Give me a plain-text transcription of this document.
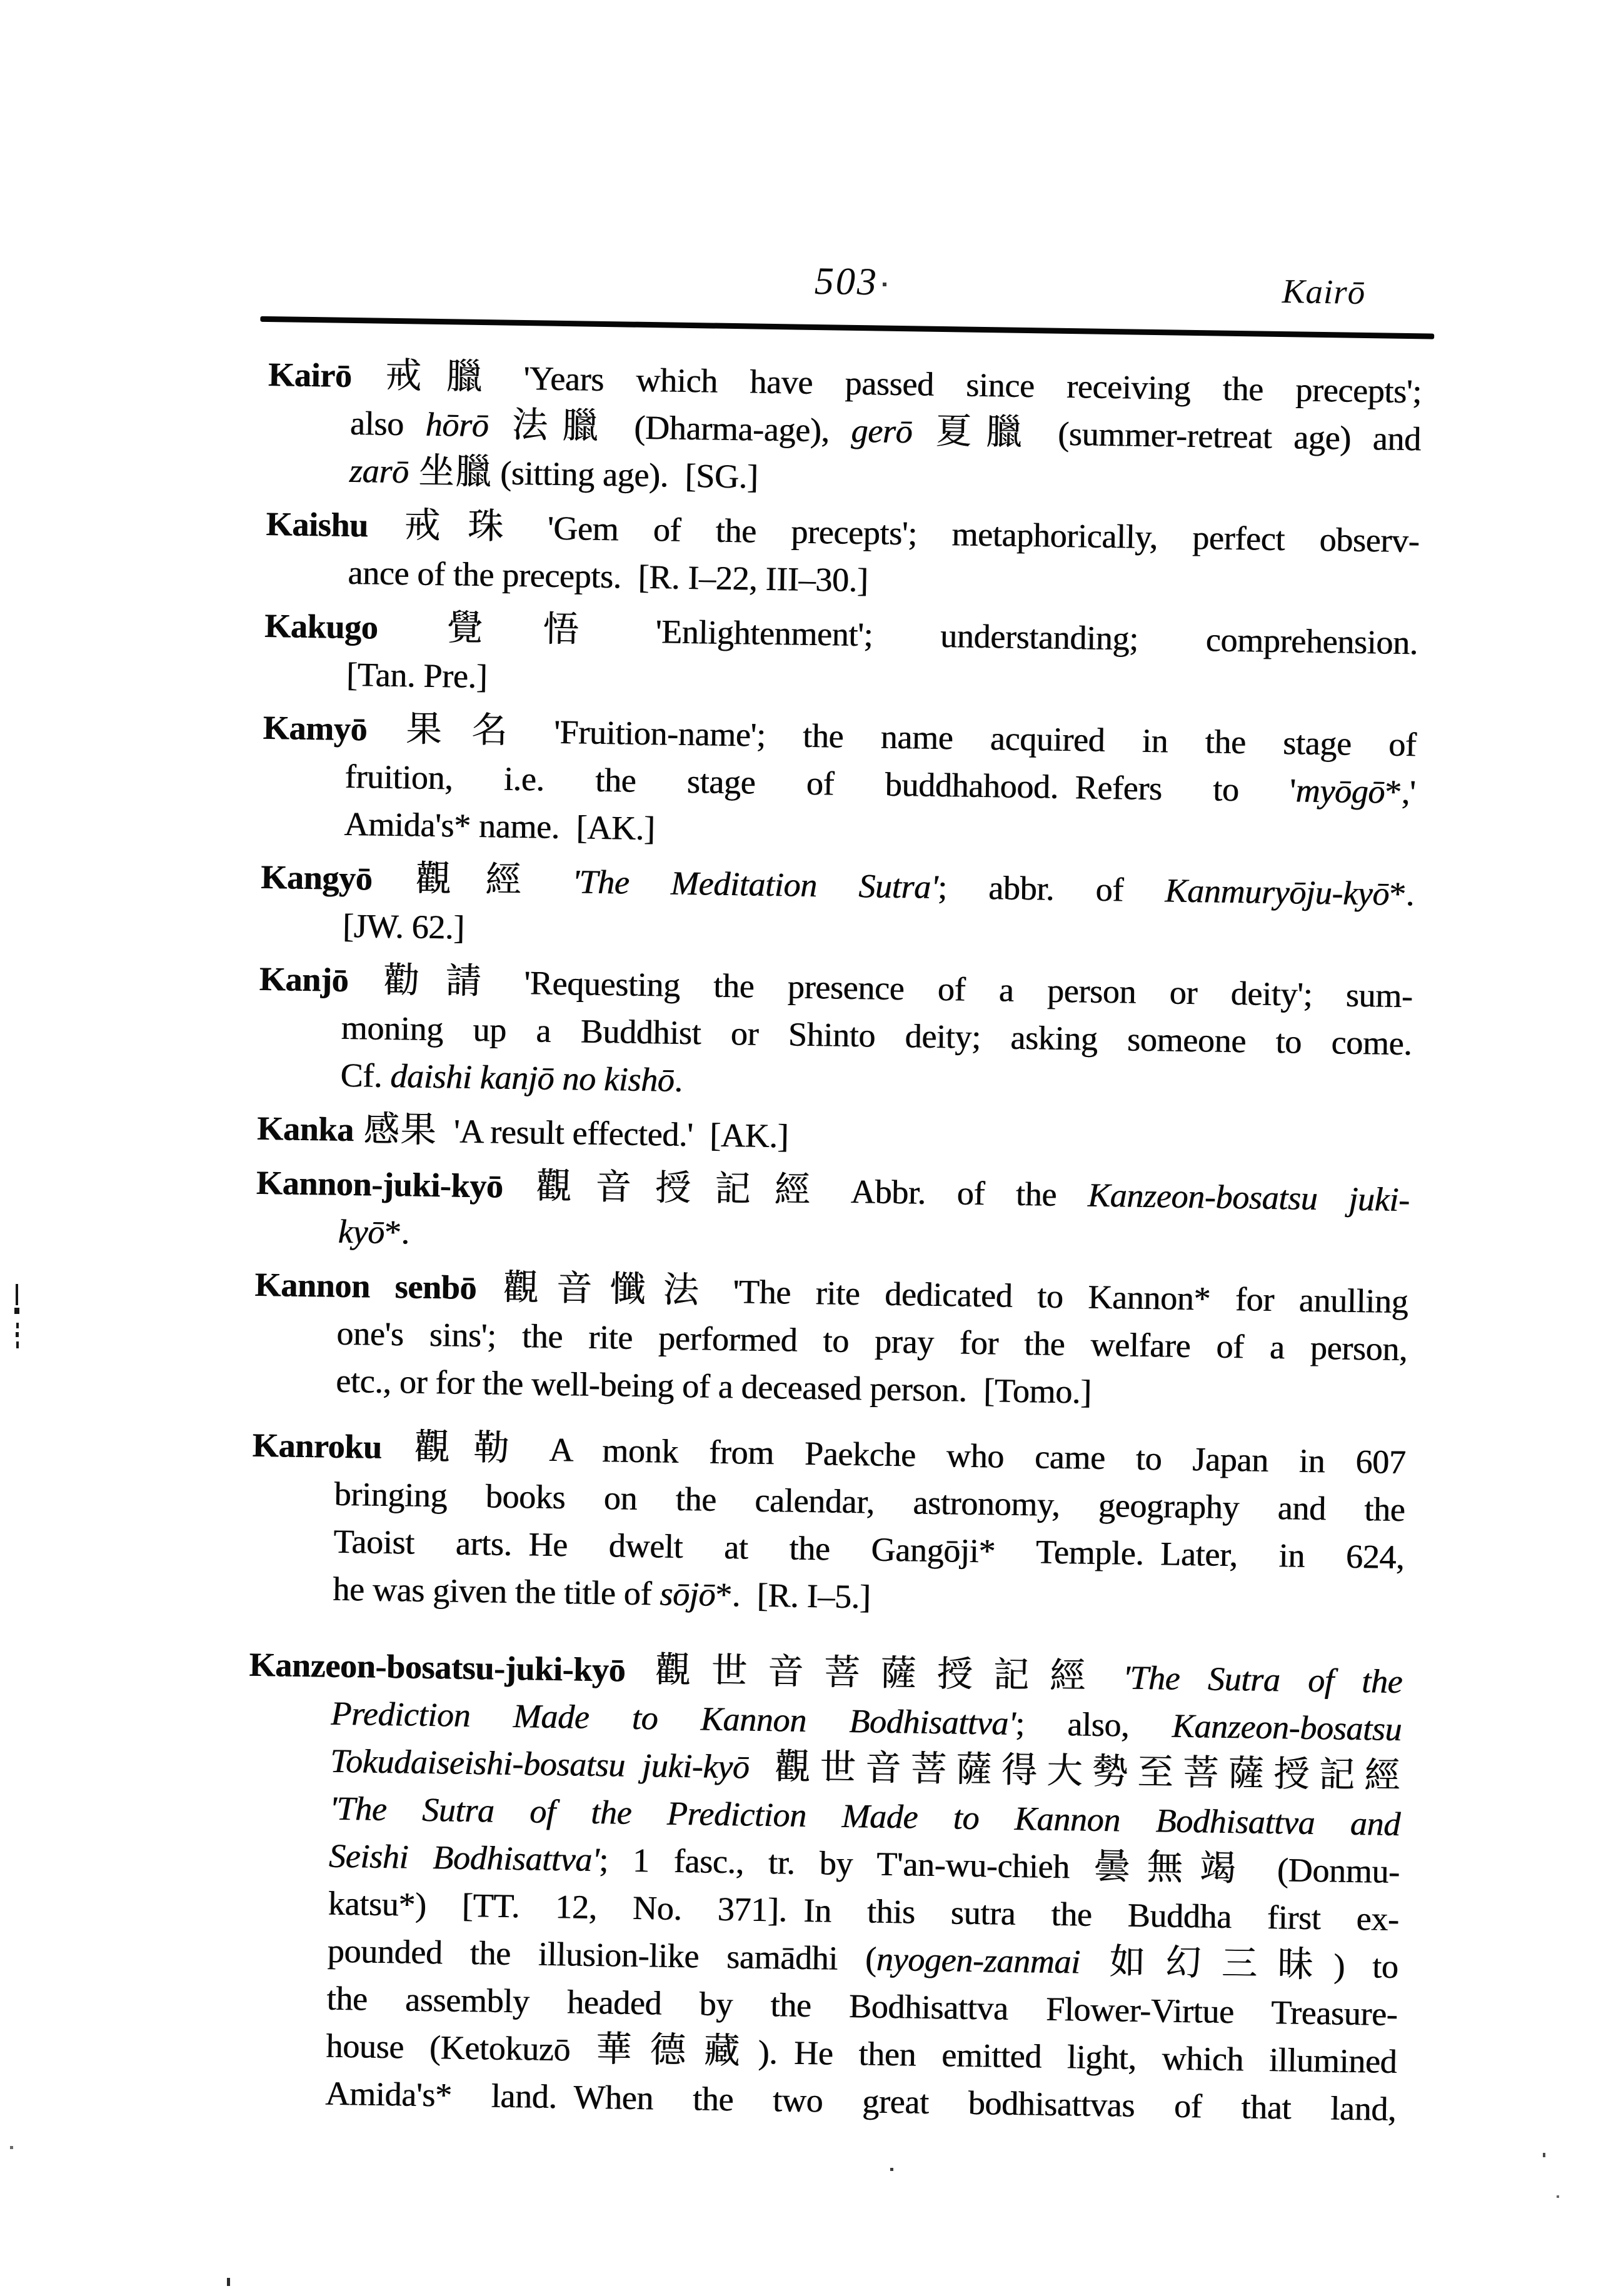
503	Kairō
Kairō 戒臘 'Years which have passed since receiving the precepts';
also hōrō 法臘 (Dharma-age), gerō 夏臘 (summer-retreat age) and
zarō 坐臘 (sitting age). [SG.]
Kaishu 戒珠 'Gem of the precepts'; metaphorically, perfect observ-
ance of the precepts. [R. I–22, III–30.]
Kakugo 覺悟 'Enlightenment'; understanding; comprehension.
[Tan. Pre.]
Kamyō 果名 'Fruition-name'; the name acquired in the stage of
fruition, i.e. the stage of buddhahood. Refers to 'myōgō*,'
Amida's* name. [AK.]
Kangyō 觀經  'The Meditation Sutra'; abbr. of Kanmuryōju-kyō*.
[JW. 62.]
Kanjō 勸請 'Requesting the presence of a person or deity'; sum-
moning up a Buddhist or Shinto deity; asking someone to come.
Cf. daishi kanjō no kishō.
Kanka 感果 'A result effected.' [AK.]
Kannon-juki-kyō 觀音授記經 Abbr. of the Kanzeon-bosatsu juki-
kyō*.
Kannon senbō 觀音懺法 'The rite dedicated to Kannon* for anulling
one's sins'; the rite performed to pray for the welfare of a person,
etc., or for the well-being of a deceased person. [Tomo.]
Kanroku 觀勒 A monk from Paekche who came to Japan in 607
bringing books on the calendar, astronomy, geography and the
Taoist arts. He dwelt at the Gangōji* Temple. Later, in 624,
he was given the title of sōjō*. [R. I–5.]
Kanzeon-bosatsu-juki-kyō 觀世音菩薩授記經  'The Sutra of the
Prediction Made to Kannon Bodhisattva'; also, Kanzeon-bosatsu
Tokudaiseishi-bosatsu juki-kyō  觀世音菩薩得大勢至菩薩授記經
'The Sutra of the Prediction Made to Kannon Bodhisattva and
Seishi Bodhisattva'; 1 fasc., tr. by T'an-wu-chieh 曇無竭 (Donmu-
katsu*) [TT. 12, No. 371]. In this sutra the Buddha first ex-
pounded the illusion-like samādhi (nyogen-zanmai 如幻三昧) to
the assembly headed by the Bodhisattva Flower-Virtue Treasure-
house (Ketokuzō 華德藏). He then emitted light, which illumined
Amida's* land. When the two great bodhisattvas of that land,
